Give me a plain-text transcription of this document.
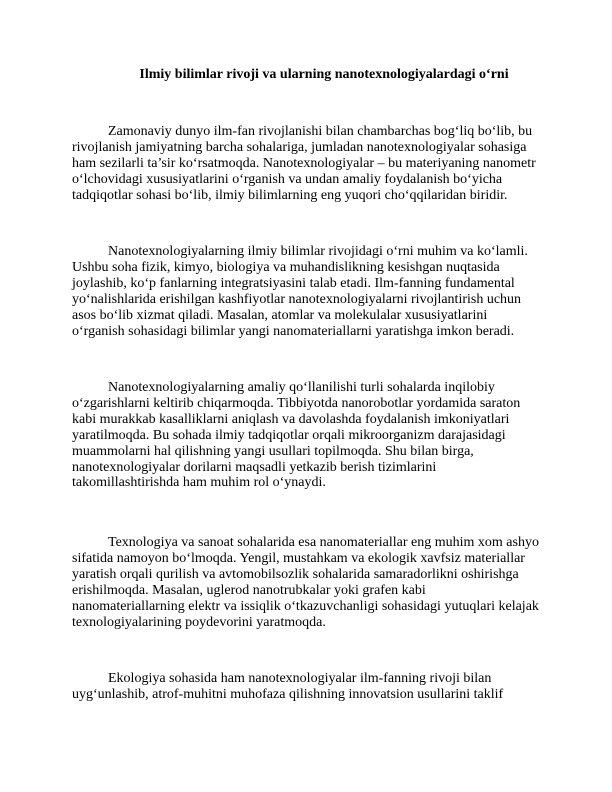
Ilmiy bilimlar rivoji va ularning nanotexnologiyalardagi o‘rni
Zamonaviy dunyo ilm-fan rivojlanishi bilan chambarchas bog‘liq bo‘lib, bu
rivojlanish jamiyatning barcha sohalariga, jumladan nanotexnologiyalar sohasiga
ham sezilarli ta’sir ko‘rsatmoqda. Nanotexnologiyalar – bu materiyaning nanometr
o‘lchovidagi xususiyatlarini o‘rganish va undan amaliy foydalanish bo‘yicha
tadqiqotlar sohasi bo‘lib, ilmiy bilimlarning eng yuqori cho‘qqilaridan biridir.
Nanotexnologiyalarning ilmiy bilimlar rivojidagi o‘rni muhim va ko‘lamli.
Ushbu soha fizik, kimyo, biologiya va muhandislikning kesishgan nuqtasida
joylashib, ko‘p fanlarning integratsiyasini talab etadi. Ilm-fanning fundamental
yo‘nalishlarida erishilgan kashfiyotlar nanotexnologiyalarni rivojlantirish uchun
asos bo‘lib xizmat qiladi. Masalan, atomlar va molekulalar xususiyatlarini
o‘rganish sohasidagi bilimlar yangi nanomateriallarni yaratishga imkon beradi.
Nanotexnologiyalarning amaliy qo‘llanilishi turli sohalarda inqilobiy
o‘zgarishlarni keltirib chiqarmoqda. Tibbiyotda nanorobotlar yordamida saraton
kabi murakkab kasalliklarni aniqlash va davolashda foydalanish imkoniyatlari
yaratilmoqda. Bu sohada ilmiy tadqiqotlar orqali mikroorganizm darajasidagi
muammolarni hal qilishning yangi usullari topilmoqda. Shu bilan birga,
nanotexnologiyalar dorilarni maqsadli yetkazib berish tizimlarini
takomillashtirishda ham muhim rol o‘ynaydi.
Texnologiya va sanoat sohalarida esa nanomateriallar eng muhim xom ashyo
sifatida namoyon bo‘lmoqda. Yengil, mustahkam va ekologik xavfsiz materiallar
yaratish orqali qurilish va avtomobilsozlik sohalarida samaradorlikni oshirishga
erishilmoqda. Masalan, uglerod nanotrubkalar yoki grafen kabi
nanomateriallarning elektr va issiqlik o‘tkazuvchanligi sohasidagi yutuqlari kelajak
texnologiyalarining poydevorini yaratmoqda.
Ekologiya sohasida ham nanotexnologiyalar ilm-fanning rivoji bilan
uyg‘unlashib, atrof-muhitni muhofaza qilishning innovatsion usullarini taklif
